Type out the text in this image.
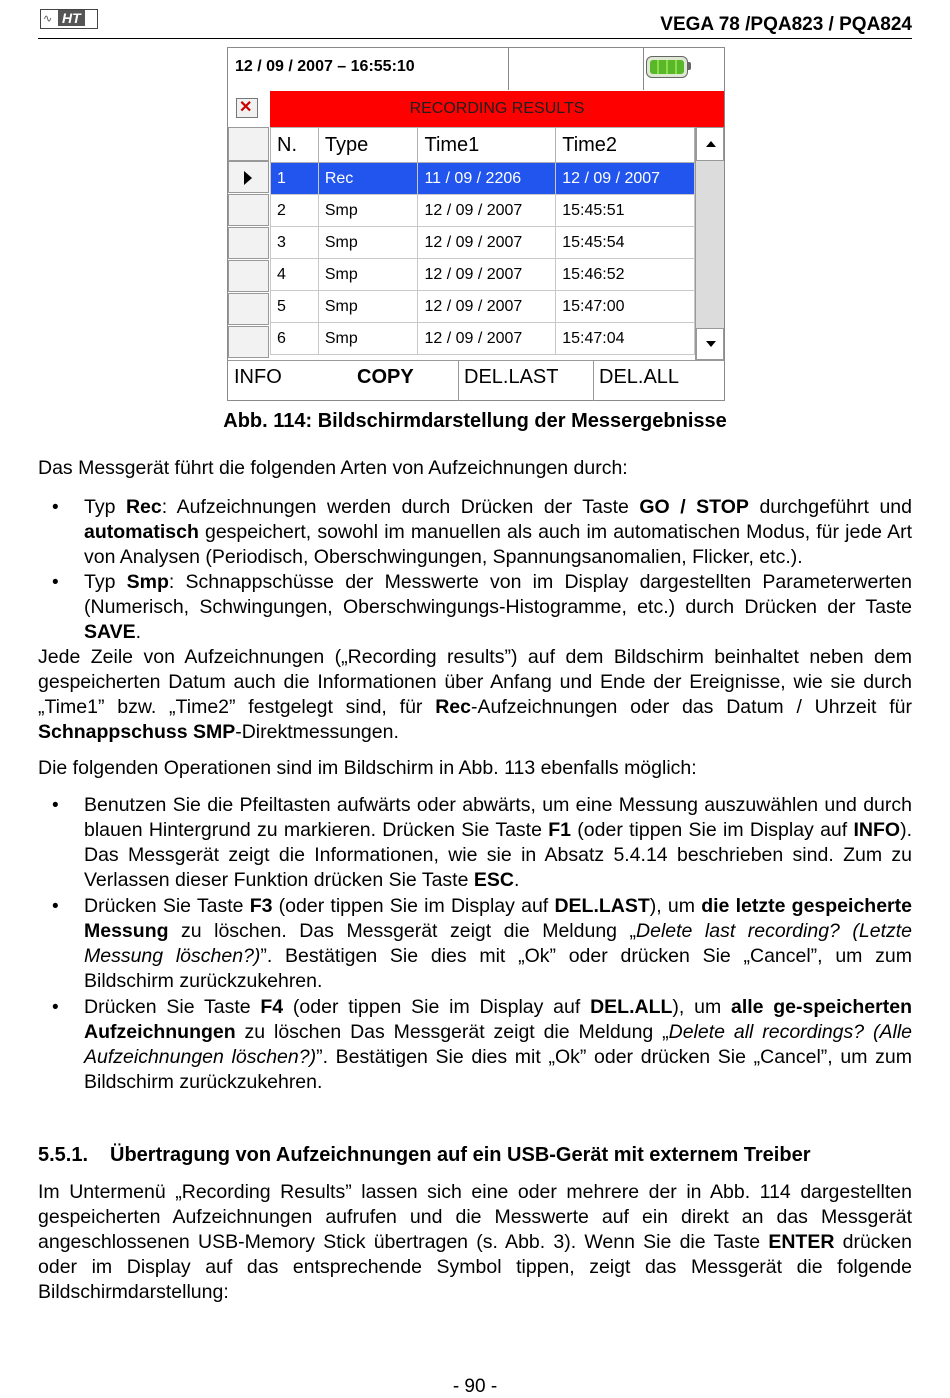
∿ HT	VEGA 78 /PQA823 / PQA824
12 / 09 / 2007 – 16:55:10
✕	RECORDING RESULTS
N.	Type	Time1	Time2
1	Rec	11 / 09 / 2206	12 / 09 / 2007
2	Smp	12 / 09 / 2007	15:45:51
3	Smp	12 / 09 / 2007	15:45:54
4	Smp	12 / 09 / 2007	15:46:52
5	Smp	12 / 09 / 2007	15:47:00
6	Smp	12 / 09 / 2007	15:47:04
INFO	COPY	DEL.LAST DEL.ALL
Abb. 114: Bildschirmdarstellung der Messergebnisse

Das Messgerät führt die folgenden Arten von Aufzeichnungen durch:

• Typ Rec: Aufzeichnungen werden durch Drücken der Taste GO / STOP durchgeführt und automatisch gespeichert, sowohl im manuellen als auch im automatischen Modus, für jede Art von Analysen (Periodisch, Oberschwingungen, Spannungsanomalien, Flicker, etc.).
• Typ Smp: Schnappschüsse der Messwerte von im Display dargestellten Parameterwerten (Numerisch, Schwingungen, Oberschwingungs-Histogramme, etc.) durch Drücken der Taste SAVE.

Jede Zeile von Aufzeichnungen („Recording results”) auf dem Bildschirm beinhaltet neben dem gespeicherten Datum auch die Informationen über Anfang und Ende der Ereignisse, wie sie durch „Time1” bzw. „Time2” festgelegt sind, für Rec-Aufzeichnungen oder das Datum / Uhrzeit für Schnappschuss SMP-Direktmessungen.

Die folgenden Operationen sind im Bildschirm in Abb. 113 ebenfalls möglich:

• Benutzen Sie die Pfeiltasten aufwärts oder abwärts, um eine Messung auszuwählen und durch blauen Hintergrund zu markieren. Drücken Sie Taste F1 (oder tippen Sie im Display auf INFO). Das Messgerät zeigt die Informationen, wie sie in Absatz 5.4.14 beschrieben sind. Zum zu Verlassen dieser Funktion drücken Sie Taste ESC.
• Drücken Sie Taste F3 (oder tippen Sie im Display auf DEL.LAST), um die letzte gespeicherte Messung zu löschen. Das Messgerät zeigt die Meldung „Delete last recording? (Letzte Messung löschen?)”. Bestätigen Sie dies mit „Ok” oder drücken Sie „Cancel”, um zum Bildschirm zurückzukehren.
• Drücken Sie Taste F4 (oder tippen Sie im Display auf DEL.ALL), um alle ge-speicherten Aufzeichnungen zu löschen Das Messgerät zeigt die Meldung „Delete all recordings? (Alle Aufzeichnungen löschen?)”. Bestätigen Sie dies mit „Ok” oder drücken Sie „Cancel”, um zum Bildschirm zurückzukehren.
5.5.1. Übertragung von Aufzeichnungen auf ein USB-Gerät mit externem Treiber

Im Untermenü „Recording Results” lassen sich eine oder mehrere der in Abb. 114 dargestellten gespeicherten Aufzeichnungen aufrufen und die Messwerte auf ein direkt an das Messgerät angeschlossenen USB-Memory Stick übertragen (s. Abb. 3). Wenn Sie die Taste ENTER drücken oder im Display auf das entsprechende Symbol tippen, zeigt das Messgerät die folgende Bildschirmdarstellung:

- 90 -
